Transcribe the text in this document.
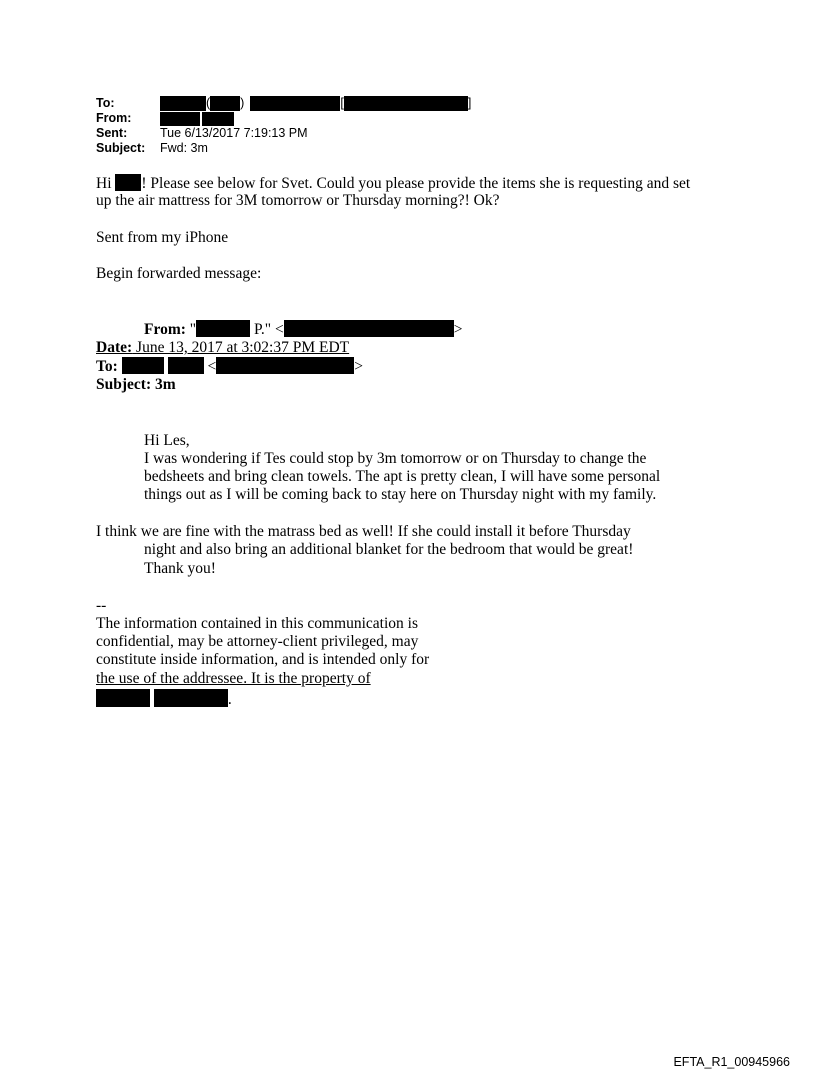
To:	( )	[	]
From:
Sent:	Tue 6/13/2017 7:19:13 PM
Subject:	Fwd: 3m
Hi ! Please see below for Svet. Could you please provide the items she is requesting and set
up the air mattress for 3M tomorrow or Thursday morning?! Ok?
Sent from my iPhone
Begin forwarded message:
From: "	P." <	>
Date: June 13, 2017 at 3:02:37 PM EDT
To:	<	>
Subject: 3m
Hi Les,
I was wondering if Tes could stop by 3m tomorrow or on Thursday to change the
bedsheets and bring clean towels. The apt is pretty clean, I will have some personal
things out as I will be coming back to stay here on Thursday night with my family.
I think we are fine with the matrass bed as well! If she could install it before Thursday
night and also bring an additional blanket for the bedroom that would be great!
Thank you!
--
The information contained in this communication is
confidential, may be attorney-client privileged, may
constitute inside information, and is intended only for
the use of the addressee. It is the property of
.
EFTA_R1_00945966
